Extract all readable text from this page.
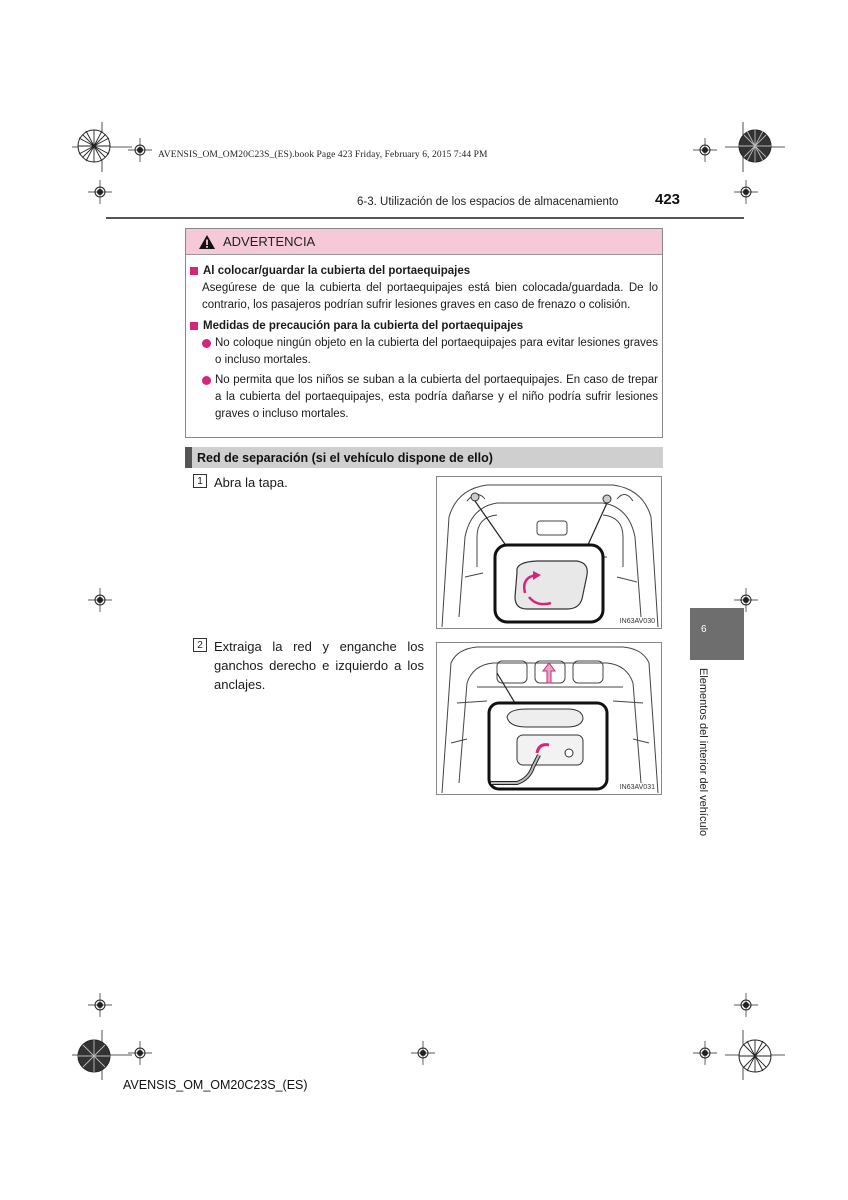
AVENSIS_OM_OM20C23S_(ES).book Page 423 Friday, February 6, 2015 7:44 PM
6-3. Utilización de los espacios de almacenamiento 423
ADVERTENCIA
Al colocar/guardar la cubierta del portaequipajes
Asegúrese de que la cubierta del portaequipajes está bien colocada/guardada. De lo contrario, los pasajeros podrían sufrir lesiones graves en caso de frenazo o colisión.
Medidas de precaución para la cubierta del portaequipajes
No coloque ningún objeto en la cubierta del portaequipajes para evitar lesiones graves o incluso mortales.
No permita que los niños se suban a la cubierta del portaequipajes. En caso de trepar a la cubierta del portaequipajes, esta podría dañarse y el niño podría sufrir lesiones graves o incluso mortales.
Red de separación (si el vehículo dispone de ello)
1 Abra la tapa.
IN63AV030
2 Extraiga la red y enganche los ganchos derecho e izquierdo a los anclajes.
IN63AV031
6
Elementos del interior del vehículo
AVENSIS_OM_OM20C23S_(ES)
